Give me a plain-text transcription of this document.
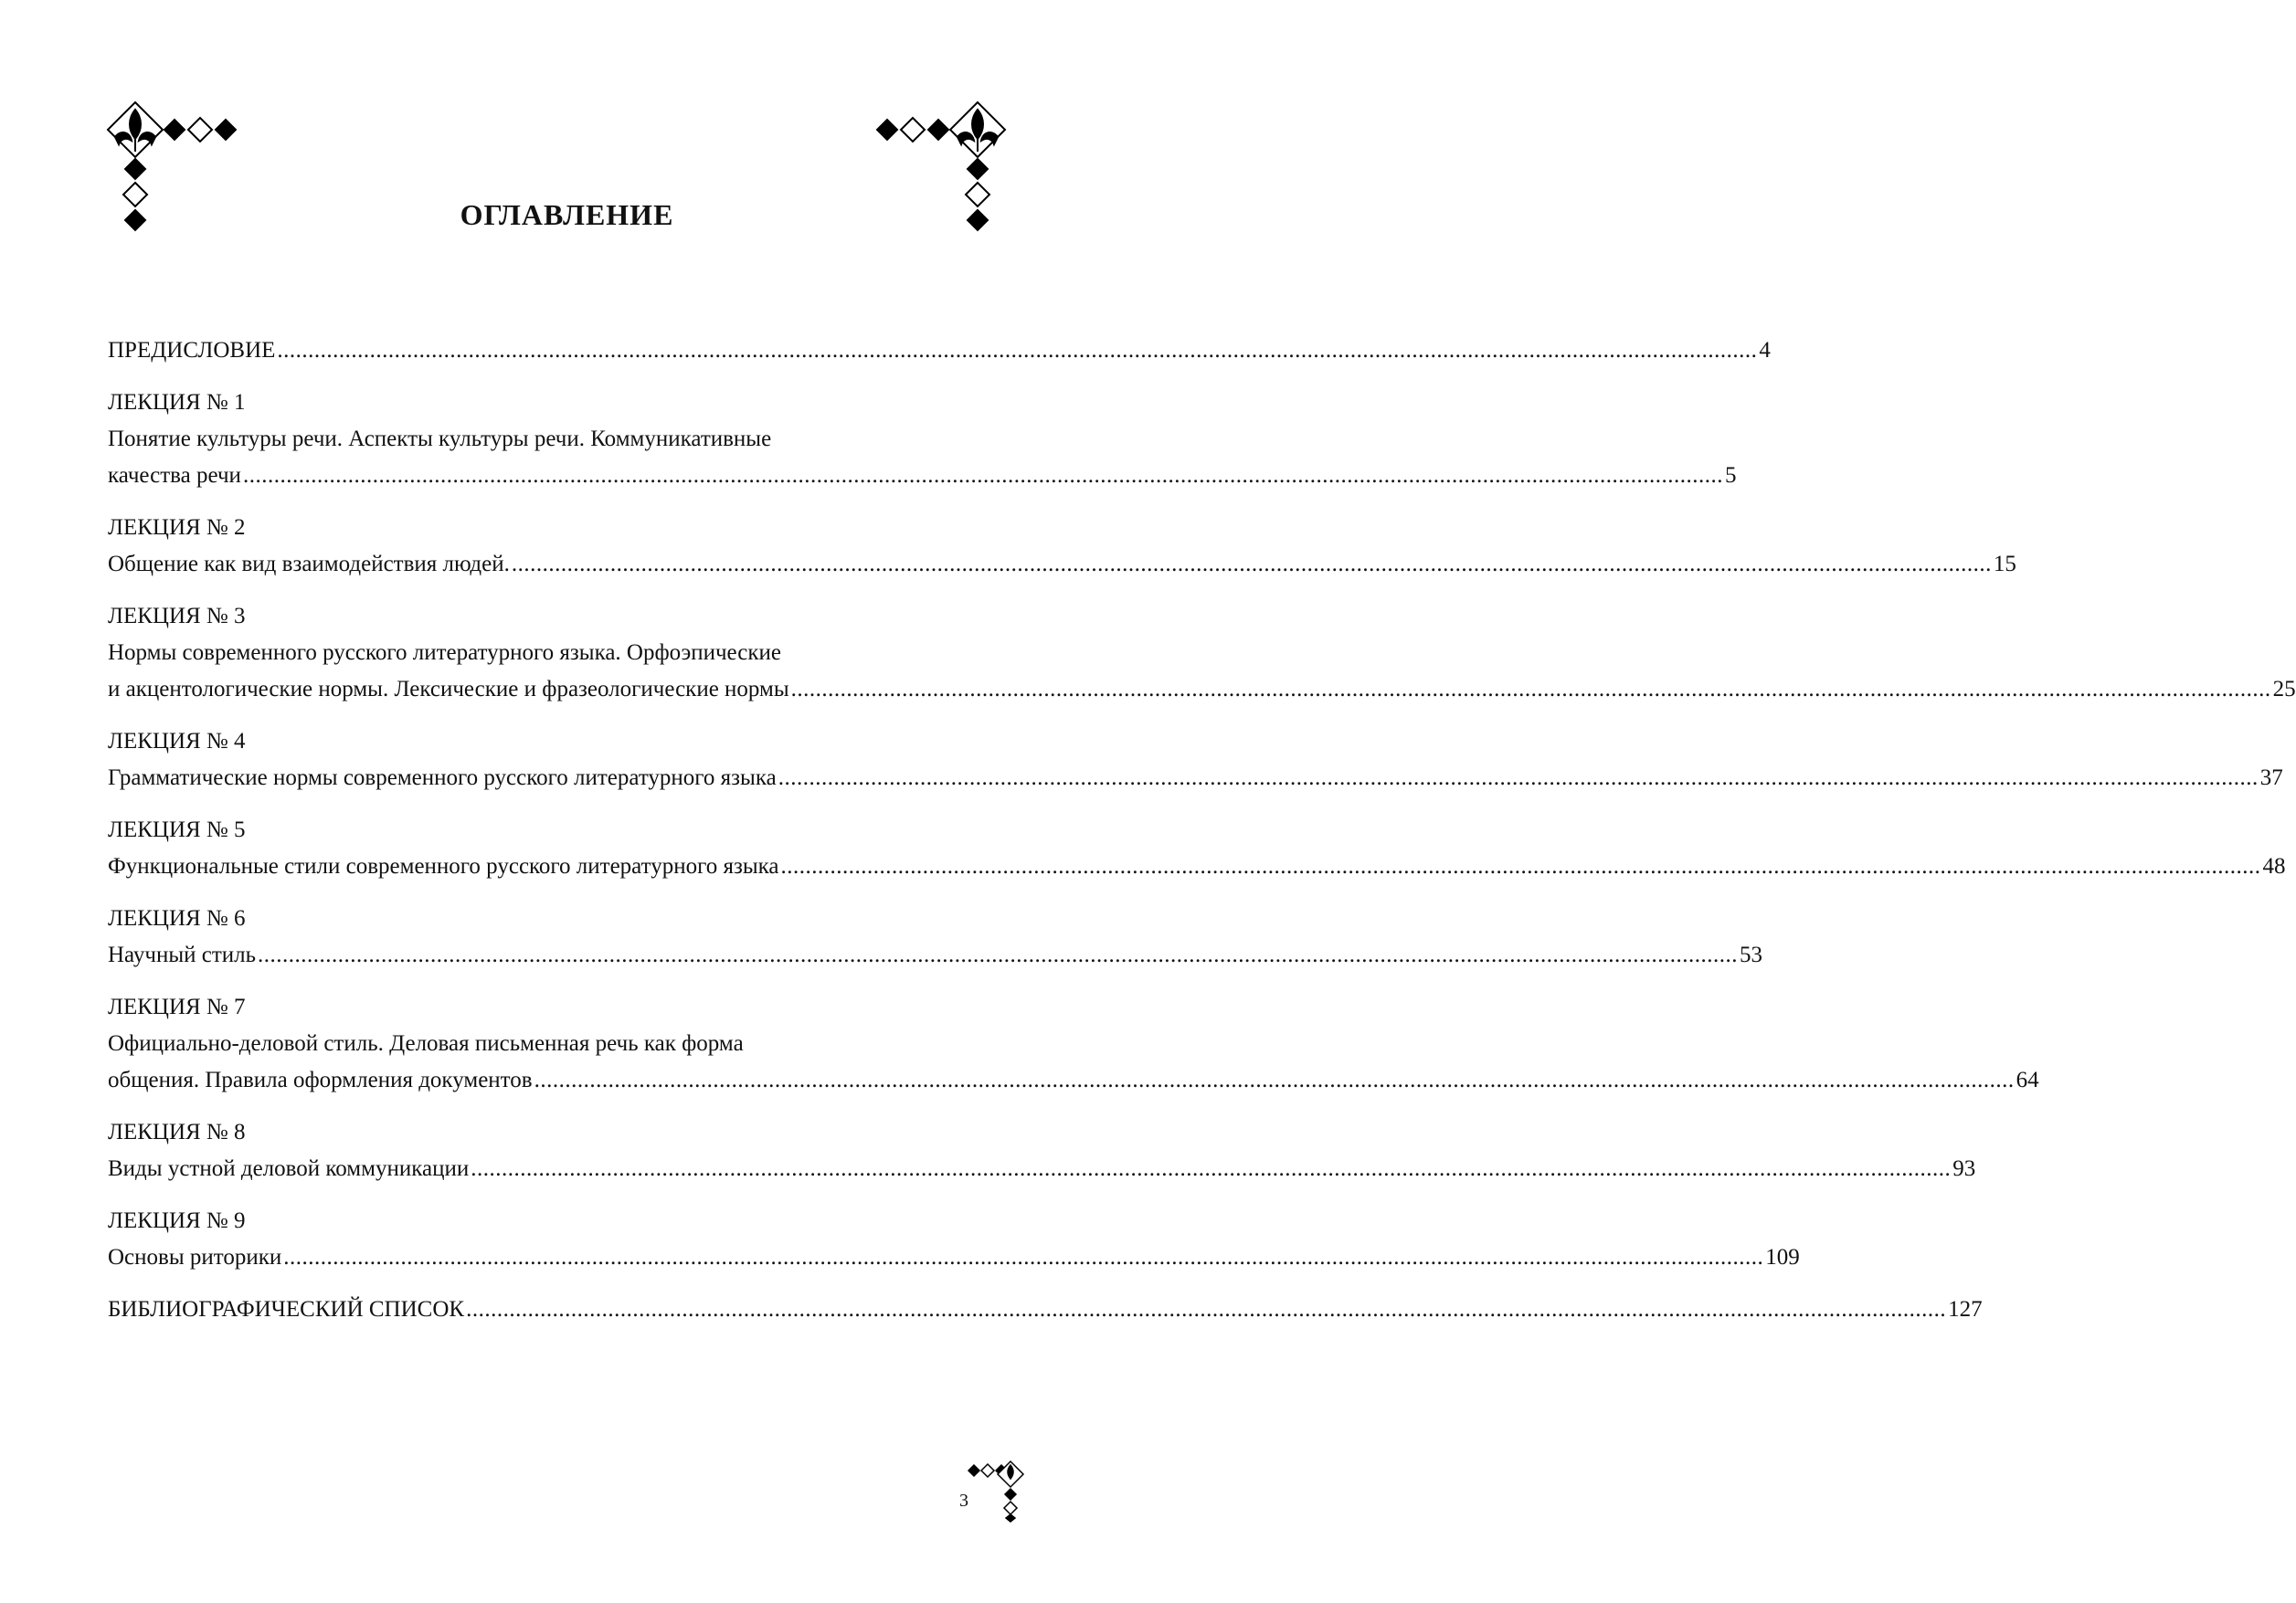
ОГЛАВЛЕНИЕ
ПРЕДИСЛОВИЕ ................................................................................................................................................................................................................................................ 4
ЛЕКЦИЯ № 1
Понятие культуры речи. Аспекты культуры речи. Коммуникативные
качества речи ................................................................................................................................................................................................................................................ 5
ЛЕКЦИЯ № 2
Общение как вид взаимодействия людей. ................................................................................................................................................................................................................................................ 15
ЛЕКЦИЯ № 3
Нормы современного русского литературного языка. Орфоэпические
и акцентологические нормы. Лексические и фразеологические нормы ................................................................................................................................................................................................................................................ 25
ЛЕКЦИЯ № 4
Грамматические нормы современного русского литературного языка ................................................................................................................................................................................................................................................ 37
ЛЕКЦИЯ № 5
Функциональные стили современного русского литературного языка ................................................................................................................................................................................................................................................ 48
ЛЕКЦИЯ № 6
Научный стиль ................................................................................................................................................................................................................................................ 53
ЛЕКЦИЯ № 7
Официально-деловой стиль. Деловая письменная речь как форма
общения. Правила оформления документов ................................................................................................................................................................................................................................................ 64
ЛЕКЦИЯ № 8
Виды устной деловой коммуникации ................................................................................................................................................................................................................................................ 93
ЛЕКЦИЯ № 9
Основы риторики ................................................................................................................................................................................................................................................ 109
БИБЛИОГРАФИЧЕСКИЙ СПИСОК ................................................................................................................................................................................................................................................ 127
3
